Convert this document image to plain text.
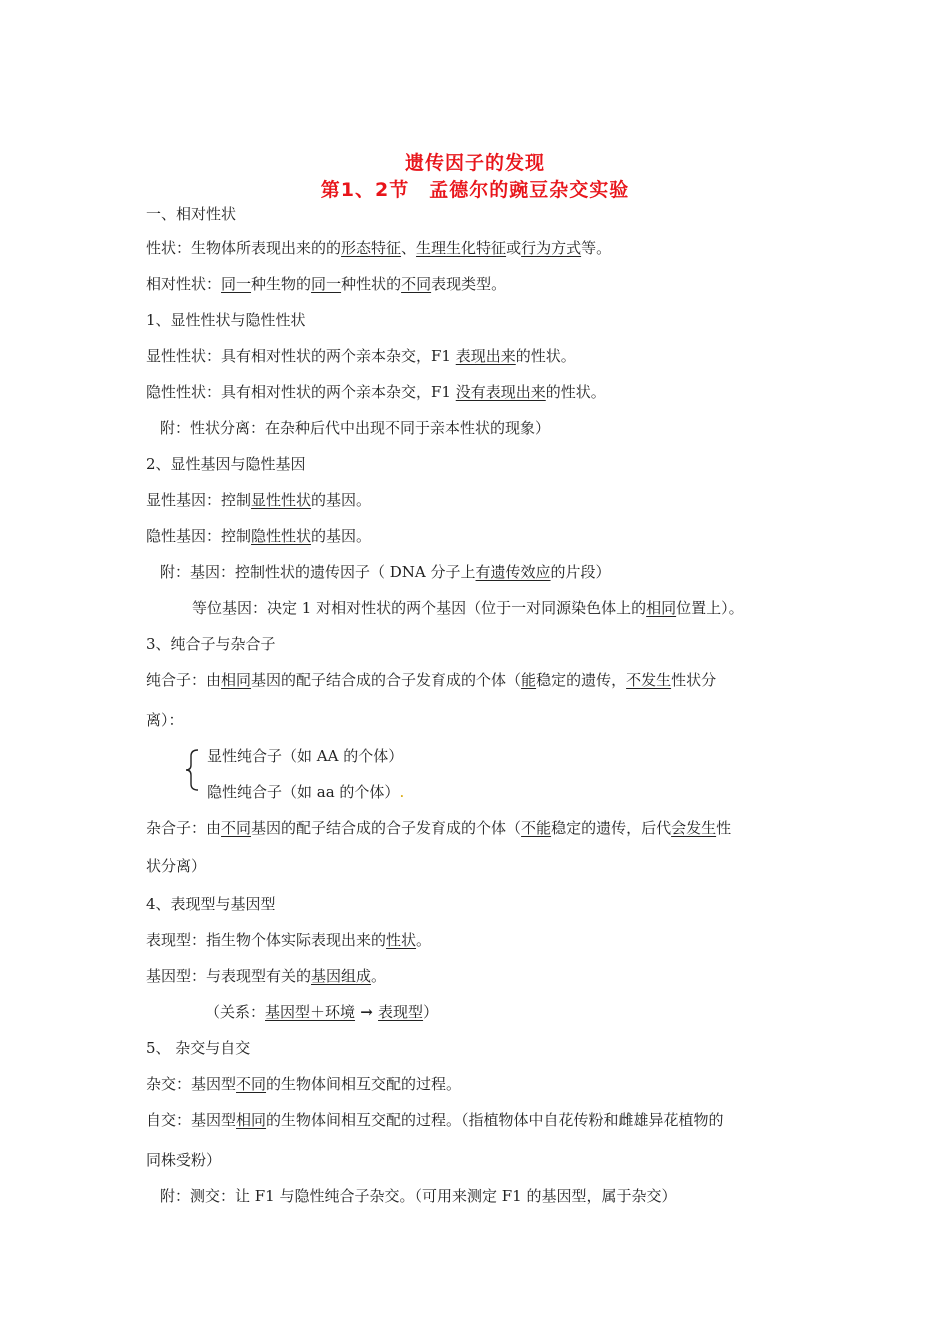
遗传因子的发现
第1、2节　孟德尔的豌豆杂交实验
一、相对性状
性状：生物体所表现出来的的形态特征、生理生化特征或行为方式等。
相对性状：同一种生物的同一种性状的不同表现类型。
1、显性性状与隐性性状
显性性状：具有相对性状的两个亲本杂交，F1 表现出来的性状。
隐性性状：具有相对性状的两个亲本杂交，F1 没有表现出来的性状。
附：性状分离：在杂种后代中出现不同于亲本性状的现象）
2、显性基因与隐性基因
显性基因：控制显性性状的基因。
隐性基因：控制隐性性状的基因。
附：基因：控制性状的遗传因子（ DNA 分子上有遗传效应的片段）
等位基因：决定 1 对相对性状的两个基因（位于一对同源染色体上的相同位置上）。
3、纯合子与杂合子
纯合子：由相同基因的配子结合成的合子发育成的个体（能稳定的遗传，不发生性状分
离）：
显性纯合子（如 AA 的个体）
隐性纯合子（如 aa 的个体）.
杂合子：由不同基因的配子结合成的合子发育成的个体（不能稳定的遗传，后代会发生性
状分离）
4、表现型与基因型
表现型：指生物个体实际表现出来的性状。
基因型：与表现型有关的基因组成。
（关系：基因型＋环境 → 表现型）
5、 杂交与自交
杂交：基因型不同的生物体间相互交配的过程。
自交：基因型相同的生物体间相互交配的过程。（指植物体中自花传粉和雌雄异花植物的
同株受粉）
附：测交：让 F1 与隐性纯合子杂交。（可用来测定 F1 的基因型，属于杂交）
